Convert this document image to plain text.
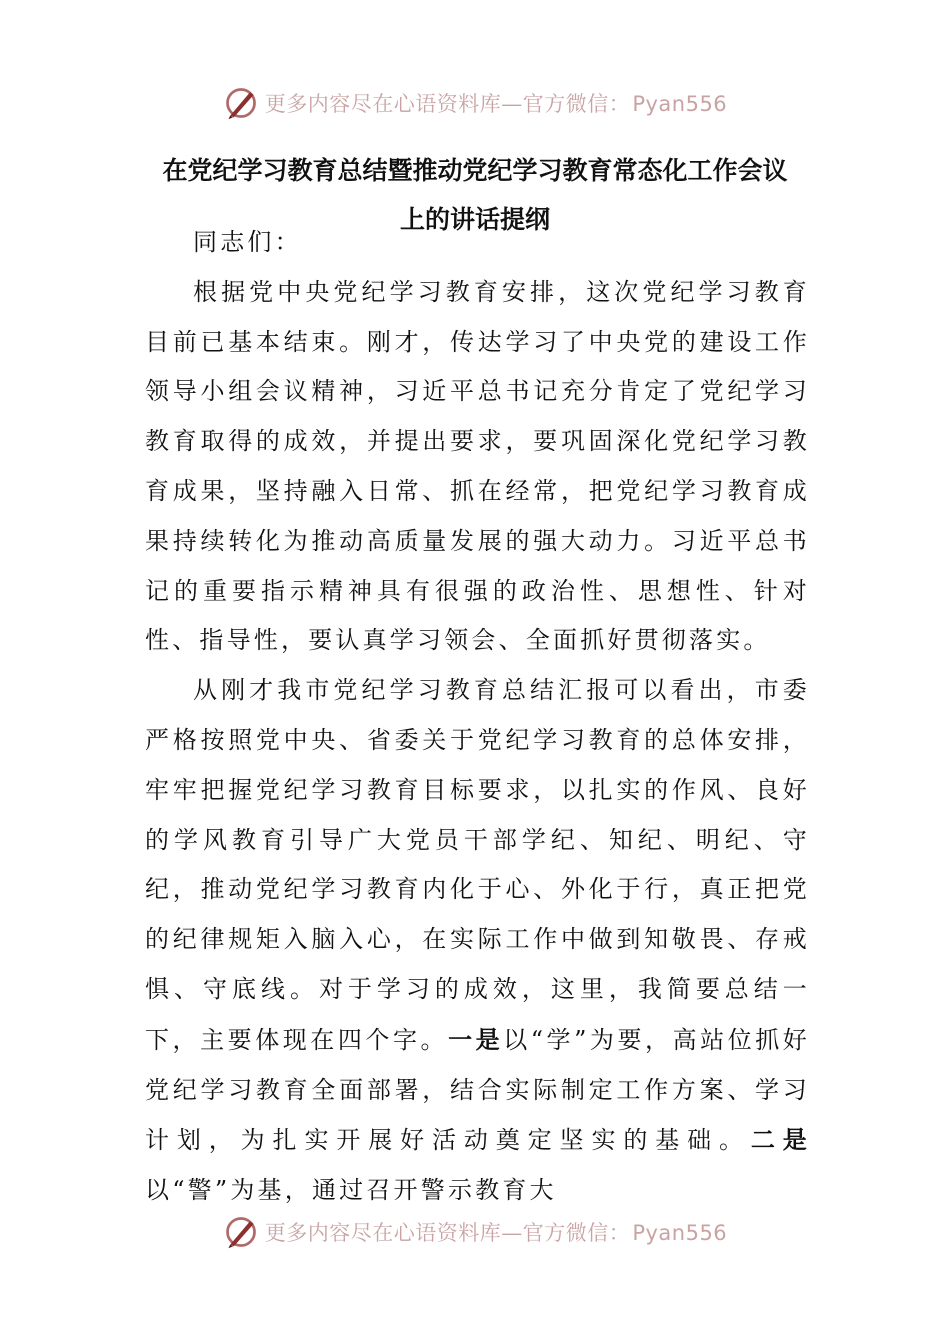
更多内容尽在心语资料库—官方微信：Pyan556
在党纪学习教育总结暨推动党纪学习教育常态化工作会议
上的讲话提纲

同志们：

根据党中央党纪学习教育安排，这次党纪学习教育目前已基本结束。刚才，传达学习了中央党的建设工作领导小组会议精神，习近平总书记充分肯定了党纪学习教育取得的成效，并提出要求，要巩固深化党纪学习教育成果，坚持融入日常、抓在经常，把党纪学习教育成果持续转化为推动高质量发展的强大动力。习近平总书记的重要指示精神具有很强的政治性、思想性、针对性、指导性，要认真学习领会、全面抓好贯彻落实。

从刚才我市党纪学习教育总结汇报可以看出，市委严格按照党中央、省委关于党纪学习教育的总体安排，牢牢把握党纪学习教育目标要求，以扎实的作风、良好的学风教育引导广大党员干部学纪、知纪、明纪、守纪，推动党纪学习教育内化于心、外化于行，真正把党的纪律规矩入脑入心，在实际工作中做到知敬畏、存戒惧、守底线。对于学习的成效，这里，我简要总结一下，主要体现在四个字。一是以“学”为要，高站位抓好党纪学习教育全面部署，结合实际制定工作方案、学习计划，为扎实开展好活动奠定坚实的基础。二是以“警”为基，通过召开警示教育大

更多内容尽在心语资料库—官方微信：Pyan556
